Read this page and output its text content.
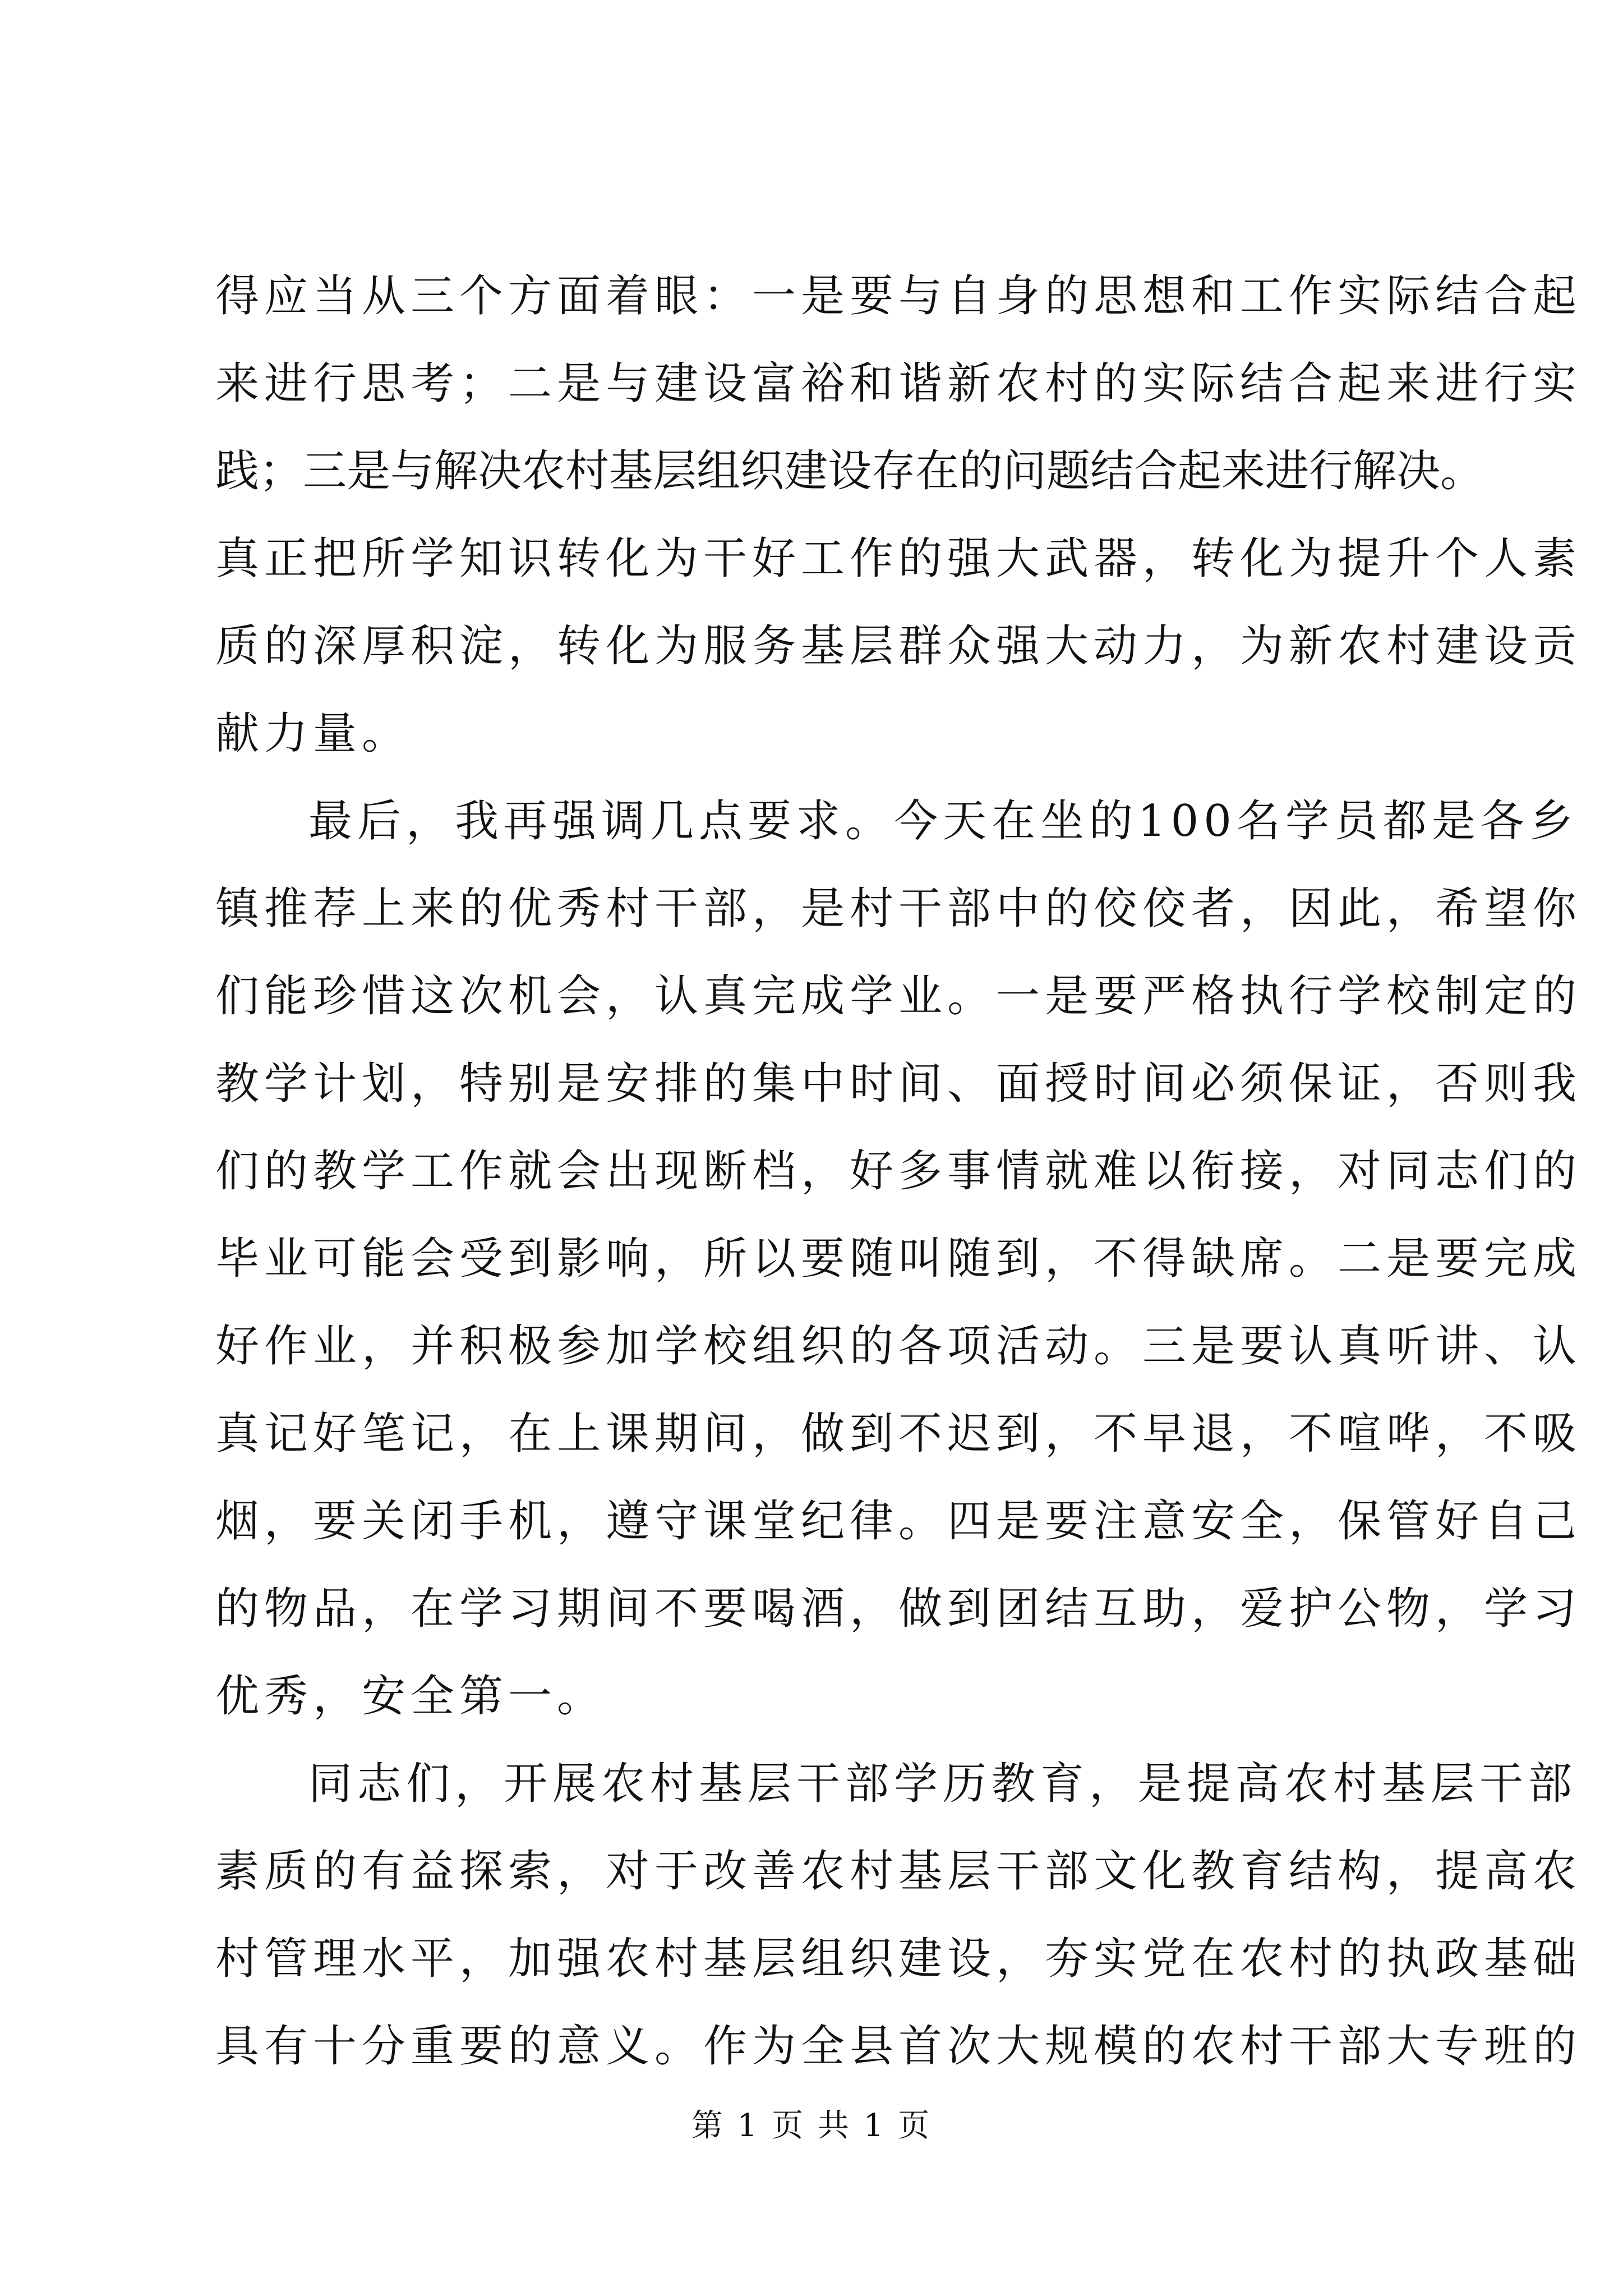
得应当从三个方面着眼：一是要与自身的思想和工作实际结合起
来进行思考；二是与建设富裕和谐新农村的实际结合起来进行实
践；三是与解决农村基层组织建设存在的问题结合起来进行解决。
真正把所学知识转化为干好工作的强大武器，转化为提升个人素
质的深厚积淀，转化为服务基层群众强大动力，为新农村建设贡
献力量。
最后，我再强调几点要求。今天在坐的100名学员都是各乡
镇推荐上来的优秀村干部，是村干部中的佼佼者，因此，希望你
们能珍惜这次机会，认真完成学业。一是要严格执行学校制定的
教学计划，特别是安排的集中时间、面授时间必须保证，否则我
们的教学工作就会出现断档，好多事情就难以衔接，对同志们的
毕业可能会受到影响，所以要随叫随到，不得缺席。二是要完成
好作业，并积极参加学校组织的各项活动。三是要认真听讲、认
真记好笔记，在上课期间，做到不迟到，不早退，不喧哗，不吸
烟，要关闭手机，遵守课堂纪律。四是要注意安全，保管好自己
的物品，在学习期间不要喝酒，做到团结互助，爱护公物，学习
优秀，安全第一。
同志们，开展农村基层干部学历教育，是提高农村基层干部
素质的有益探索，对于改善农村基层干部文化教育结构，提高农
村管理水平，加强农村基层组织建设，夯实党在农村的执政基础
具有十分重要的意义。作为全县首次大规模的农村干部大专班的
第 1 页 共 1 页
